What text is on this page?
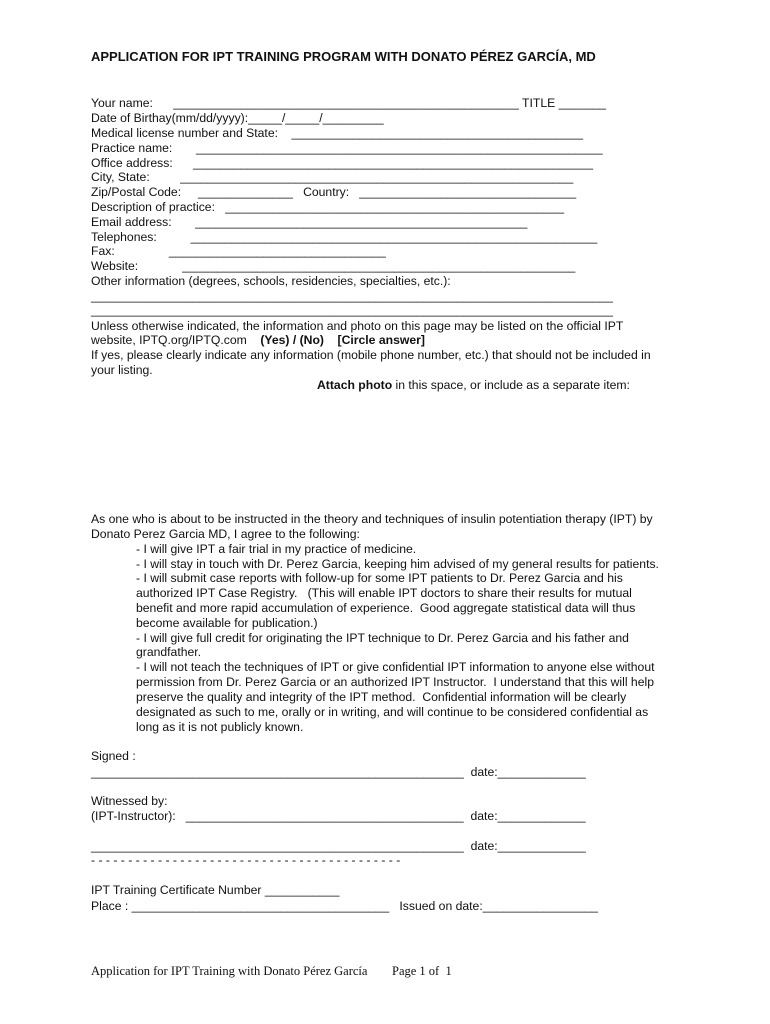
APPLICATION FOR IPT TRAINING PROGRAM WITH DONATO PÉREZ GARCÍA, MD
Your name:      ___________________________________________________ TITLE _______
Date of Birthay(mm/dd/yyyy):_____/_____/_________
Medical license number and State:    ___________________________________________
Practice name:       ____________________________________________________________
Office address:      ___________________________________________________________
City, State:         __________________________________________________________
Zip/Postal Code:     ______________   Country:   ________________________________
Description of practice:   __________________________________________________
Email address:       _________________________________________________
Telephones:          ____________________________________________________________
Fax:                ________________________________
Website:             __________________________________________________________
Other information (degrees, schools, residencies, specialties, etc.):
_____________________________________________________________________________
_____________________________________________________________________________
Unless otherwise indicated, the information and photo on this page may be listed on the official IPT
website, IPTQ.org/IPTQ.com    (Yes) / (No)    [Circle answer]
If yes, please clearly indicate any information (mobile phone number, etc.) that should not be included in
your listing.
Attach photo in this space, or include as a separate item:
As one who is about to be instructed in the theory and techniques of insulin potentiation therapy (IPT) by
Donato Perez Garcia MD, I agree to the following:
- I will give IPT a fair trial in my practice of medicine.
- I will stay in touch with Dr. Perez Garcia, keeping him advised of my general results for patients.
- I will submit case reports with follow-up for some IPT patients to Dr. Perez Garcia and his
authorized IPT Case Registry.   (This will enable IPT doctors to share their results for mutual
benefit and more rapid accumulation of experience.  Good aggregate statistical data will thus
become available for publication.)
- I will give full credit for originating the IPT technique to Dr. Perez Garcia and his father and
grandfather.
- I will not teach the techniques of IPT or give confidential IPT information to anyone else without
permission from Dr. Perez Garcia or an authorized IPT Instructor.  I understand that this will help
preserve the quality and integrity of the IPT method.  Confidential information will be clearly
designated as such to me, orally or in writing, and will continue to be considered confidential as
long as it is not publicly known.
Signed :
_______________________________________________________  date:_____________
Witnessed by:
(IPT-Instructor):   _________________________________________  date:_____________
_______________________________________________________  date:_____________
- - - - - - - - - - - - - - - - - - - - - - - - - - - - - - - - - - - - - - - - - -
IPT Training Certificate Number ___________
Place : ______________________________________   Issued on date:_________________
Application for IPT Training with Donato Pérez García Page 1 of  1
